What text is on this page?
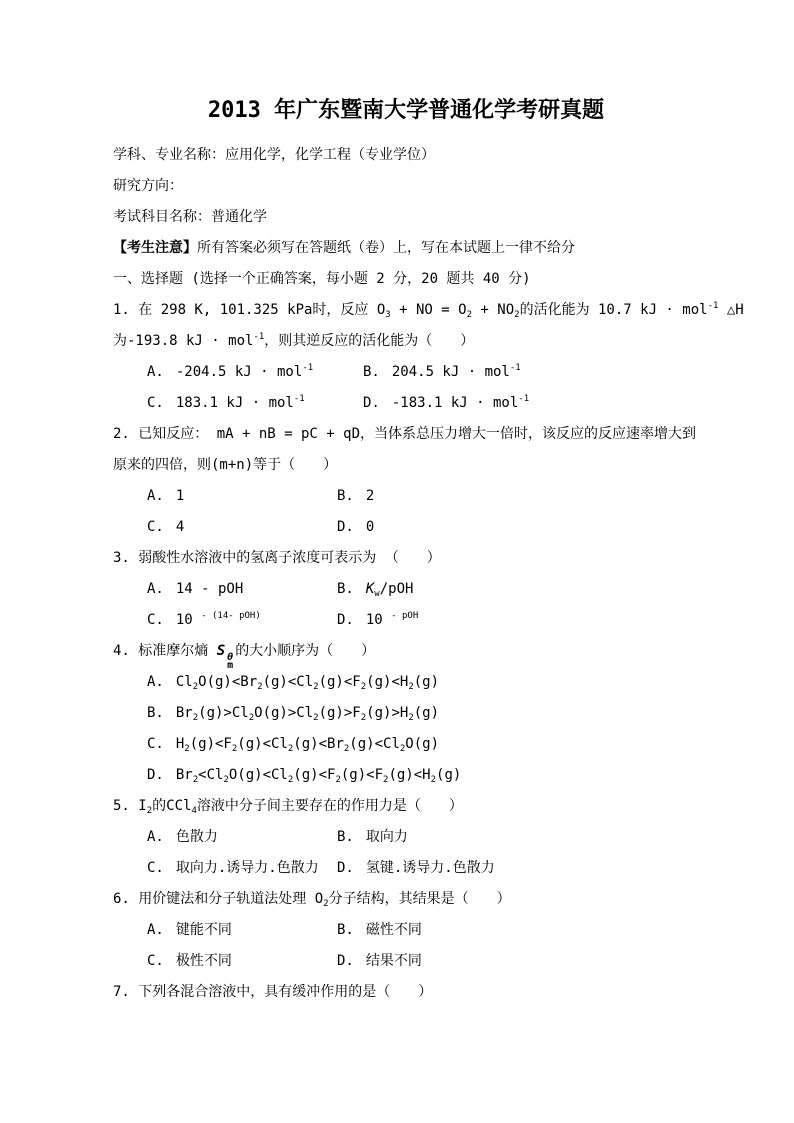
2013 年广东暨南大学普通化学考研真题
学科、专业名称：应用化学，化学工程（专业学位）
研究方向：
考试科目名称：普通化学
【考生注意】所有答案必须写在答题纸（卷）上，写在本试题上一律不给分
一、选择题 (选择一个正确答案，每小题 2 分，20 题共 40 分)
1. 在 298 K, 101.325 kPa时，反应 $O_3$ + NO = $O_2 + NO_2$的活化能为 10.7 kJ · mol$^{-1}$ △H
为-193.8 kJ · mol$^{-1}$，则其逆反应的活化能为（　　）
A. -204.5 kJ · mol$^{-1}$	B. 204.5 kJ · mol$^{-1}$
C. 183.1 kJ · mol$^{-1}$	D. -183.1 kJ · mol$^{-1}$
2. 已知反应： mA + nB = pC + qD，当体系总压力增大一倍时，该反应的反应速率增大到
原来的四倍，则(m+n)等于（　　）
A. 1	B. 2
C. 4	D. 0
3. 弱酸性水溶液中的氢离子浓度可表示为 （　　）
A. 14 - pOH	B. $K_w$/pOH
C. 10 $^{- (14- pOH)}$	D. 10 $^{- pOH}$
4. 标准摩尔熵 S θ
m
的大小顺序为（　　）
A. $Cl_2O(g)<Br_2(g)<Cl_2(g)<F_2(g)<H_2(g)$
B. $Br_2(g)>Cl_2O(g)>Cl_2(g)>F_2(g)>H_2(g)$
C. $H_2(g)<F_2(g)<Cl_2(g)<Br_2(g)<Cl_2O(g)$
D. $Br_2<Cl_2O(g)<Cl_2(g)<F_2(g)<F_2(g)<H_2(g)$
5. $I_2$的CCl$_4$溶液中分子间主要存在的作用力是（　　）
A. 色散力	B. 取向力
C. 取向力.诱导力.色散力 D. 氢键.诱导力.色散力
6. 用价键法和分子轨道法处理 $O_2$分子结构，其结果是（　　）
A. 键能不同	B. 磁性不同
C. 极性不同	D. 结果不同
7. 下列各混合溶液中，具有缓冲作用的是（　　）
